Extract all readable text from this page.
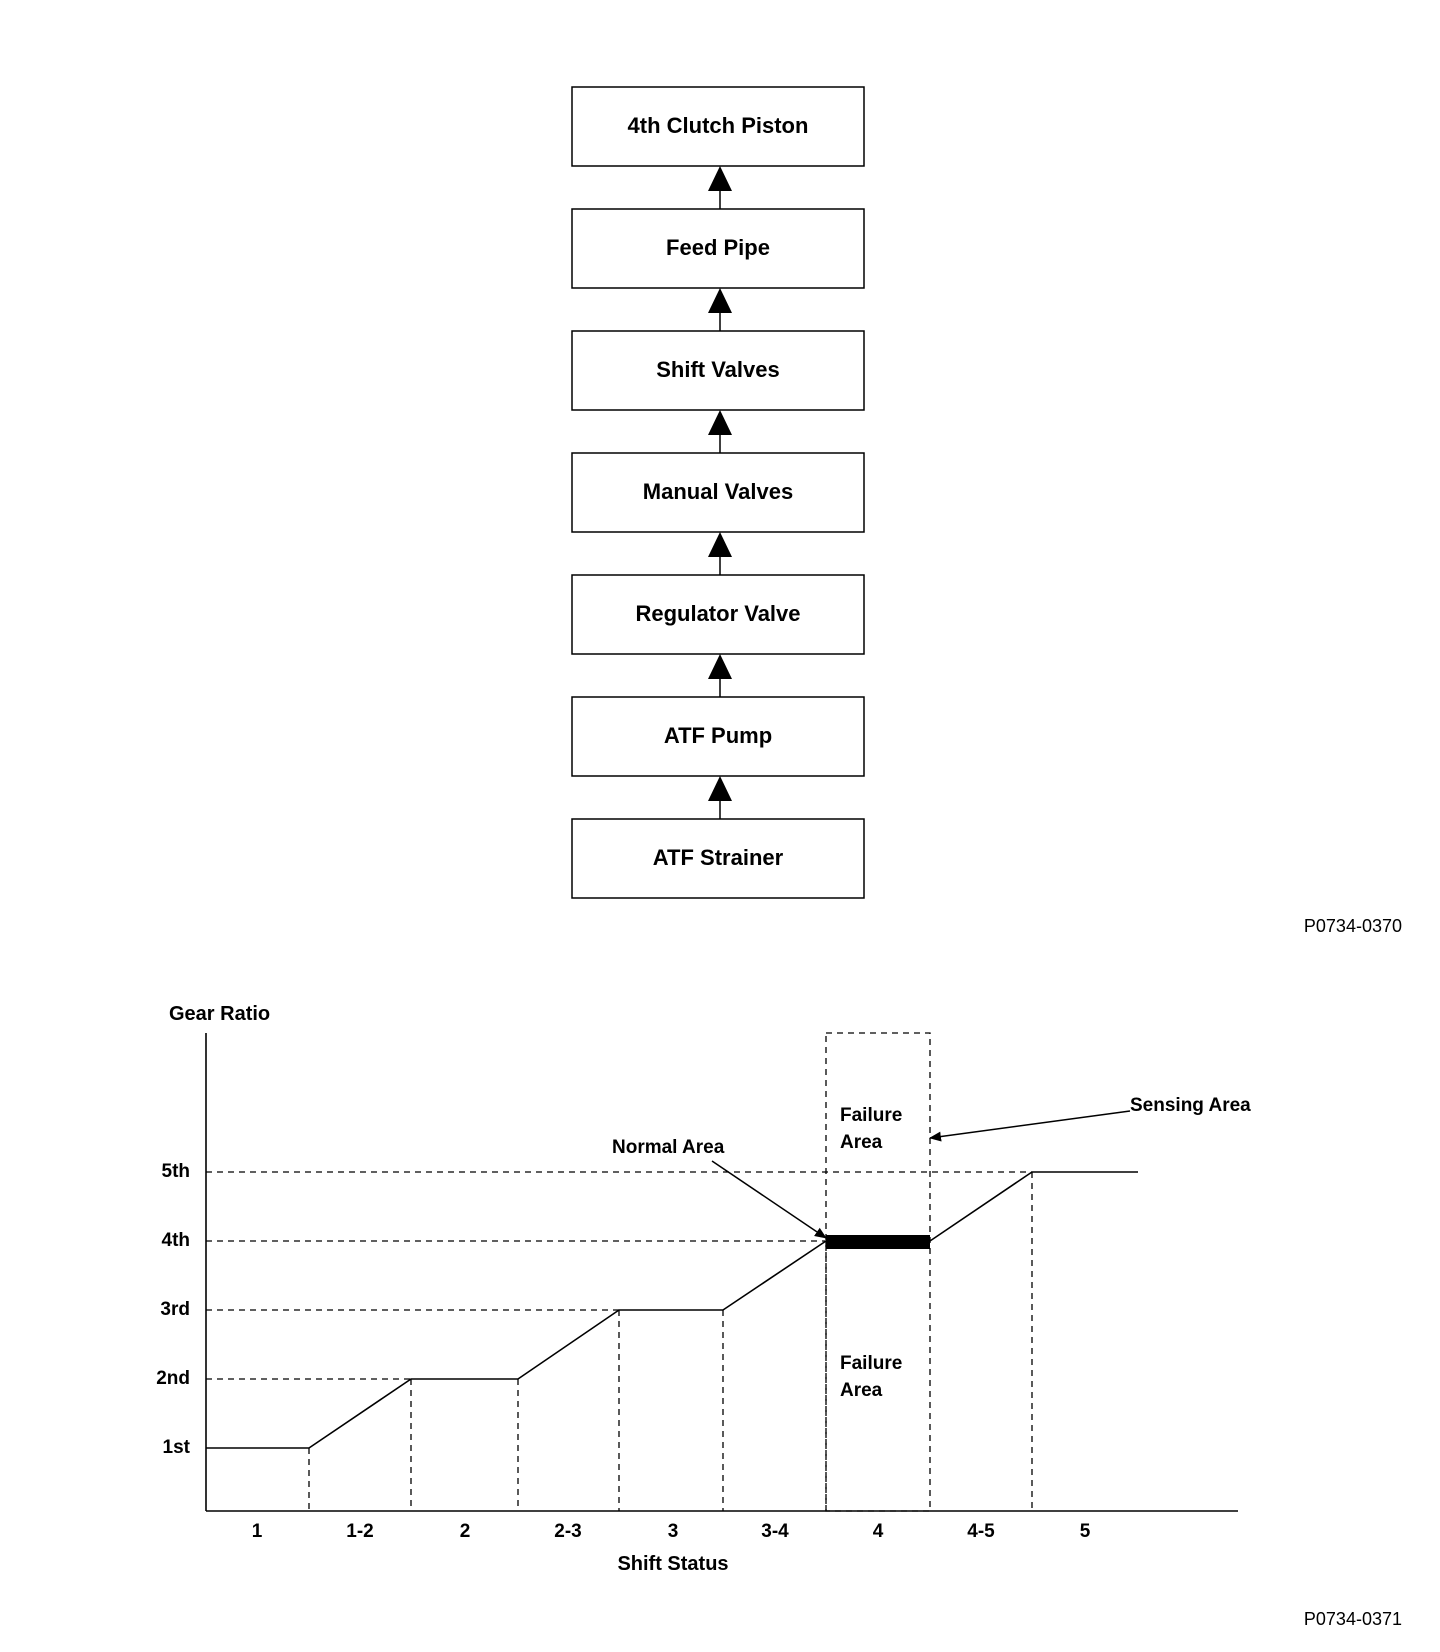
4th Clutch Piston
Feed Pipe
Shift Valves
Manual Valves
Regulator Valve
ATF Pump
ATF Strainer
P0734-0370
Gear Ratio
1st
2nd
3rd
4th
5th
1	1-2	2	2-3	3	3-4	4	4-5	5
Shift Status
Failure
Area
Failure
Area
Normal Area
Sensing Area
P0734-0371
